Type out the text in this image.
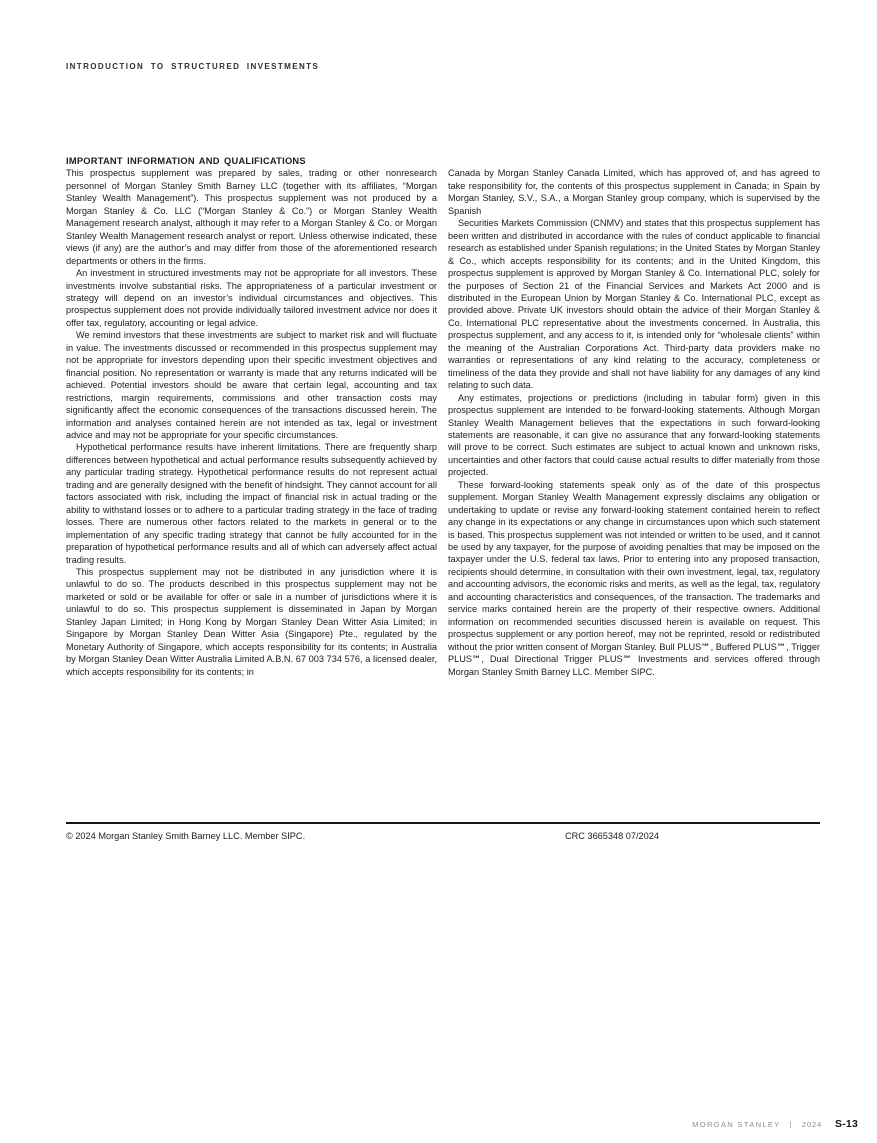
INTRODUCTION TO STRUCTURED INVESTMENTS
IMPORTANT INFORMATION AND QUALIFICATIONS

This prospectus supplement was prepared by sales, trading or other nonresearch personnel of Morgan Stanley Smith Barney LLC (together with its affiliates, “Morgan Stanley Wealth Management”). This prospectus supplement was not produced by a Morgan Stanley & Co. LLC (“Morgan Stanley & Co.”) or Morgan Stanley Wealth Management research analyst, although it may refer to a Morgan Stanley & Co. or Morgan Stanley Wealth Management research analyst or report. Unless otherwise indicated, these views (if any) are the author’s and may differ from those of the aforementioned research departments or others in the firms.

An investment in structured investments may not be appropriate for all investors. These investments involve substantial risks. The appropriateness of a particular investment or strategy will depend on an investor’s individual circumstances and objectives. This prospectus supplement does not provide individually tailored investment advice nor does it offer tax, regulatory, accounting or legal advice.

We remind investors that these investments are subject to market risk and will fluctuate in value. The investments discussed or recommended in this prospectus supplement may not be appropriate for investors depending upon their specific investment objectives and financial position. No representation or warranty is made that any returns indicated will be achieved. Potential investors should be aware that certain legal, accounting and tax restrictions, margin requirements, commissions and other transaction costs may significantly affect the economic consequences of the transactions discussed herein. The information and analyses contained herein are not intended as tax, legal or investment advice and may not be appropriate for your specific circumstances.

Hypothetical performance results have inherent limitations. There are frequently sharp differences between hypothetical and actual performance results subsequently achieved by any particular trading strategy. Hypothetical performance results do not represent actual trading and are generally designed with the benefit of hindsight. They cannot account for all factors associated with risk, including the impact of financial risk in actual trading or the ability to withstand losses or to adhere to a particular trading strategy in the face of trading losses. There are numerous other factors related to the markets in general or to the implementation of any specific trading strategy that cannot be fully accounted for in the preparation of hypothetical performance results and all of which can adversely affect actual trading results.

This prospectus supplement may not be distributed in any jurisdiction where it is unlawful to do so. The products described in this prospectus supplement may not be marketed or sold or be available for offer or sale in a number of jurisdictions where it is unlawful to do so. This prospectus supplement is disseminated in Japan by Morgan Stanley Japan Limited; in Hong Kong by Morgan Stanley Dean Witter Asia Limited; in Singapore by Morgan Stanley Dean Witter Asia (Singapore) Pte., regulated by the Monetary Authority of Singapore, which accepts responsibility for its contents; in Australia by Morgan Stanley Dean Witter Australia Limited A.B.N. 67 003 734 576, a licensed dealer, which accepts responsibility for its contents; in

Canada by Morgan Stanley Canada Limited, which has approved of, and has agreed to take responsibility for, the contents of this prospectus supplement in Canada; in Spain by Morgan Stanley, S.V., S.A., a Morgan Stanley group company, which is supervised by the Spanish

Securities Markets Commission (CNMV) and states that this prospectus supplement has been written and distributed in accordance with the rules of conduct applicable to financial research as established under Spanish regulations; in the United States by Morgan Stanley & Co., which accepts responsibility for its contents; and in the United Kingdom, this prospectus supplement is approved by Morgan Stanley & Co. International PLC, solely for the purposes of Section 21 of the Financial Services and Markets Act 2000 and is distributed in the European Union by Morgan Stanley & Co. International PLC, except as provided above. Private UK investors should obtain the advice of their Morgan Stanley & Co. International PLC representative about the investments concerned. In Australia, this prospectus supplement, and any access to it, is intended only for “wholesale clients” within the meaning of the Australian Corporations Act. Third-party data providers make no warranties or representations of any kind relating to the accuracy, completeness or timeliness of the data they provide and shall not have liability for any damages of any kind relating to such data.

Any estimates, projections or predictions (including in tabular form) given in this prospectus supplement are intended to be forward-looking statements. Although Morgan Stanley Wealth Management believes that the expectations in such forward-looking statements are reasonable, it can give no assurance that any forward-looking statements will prove to be correct. Such estimates are subject to actual known and unknown risks, uncertainties and other factors that could cause actual results to differ materially from those projected.

These forward-looking statements speak only as of the date of this prospectus supplement. Morgan Stanley Wealth Management expressly disclaims any obligation or undertaking to update or revise any forward-looking statement contained herein to reflect any change in its expectations or any change in circumstances upon which such statement is based. This prospectus supplement was not intended or written to be used, and it cannot be used by any taxpayer, for the purpose of avoiding penalties that may be imposed on the taxpayer under the U.S. federal tax laws. Prior to entering into any proposed transaction, recipients should determine, in consultation with their own investment, legal, tax, regulatory and accounting advisors, the economic risks and merits, as well as the legal, tax, regulatory and accounting characteristics and consequences, of the transaction. The trademarks and service marks contained herein are the property of their respective owners. Additional information on recommended securities discussed herein is available on request. This prospectus supplement or any portion hereof, may not be reprinted, resold or redistributed without the prior written consent of Morgan Stanley. Bull PLUS℠, Buffered PLUS℠, Trigger PLUS℠, Dual Directional Trigger PLUS℠ Investments and services offered through Morgan Stanley Smith Barney LLC. Member SIPC.

© 2024 Morgan Stanley Smith Barney LLC. Member SIPC.	CRC 3665348 07/2024
MORGAN STANLEY | 2024 S-13
